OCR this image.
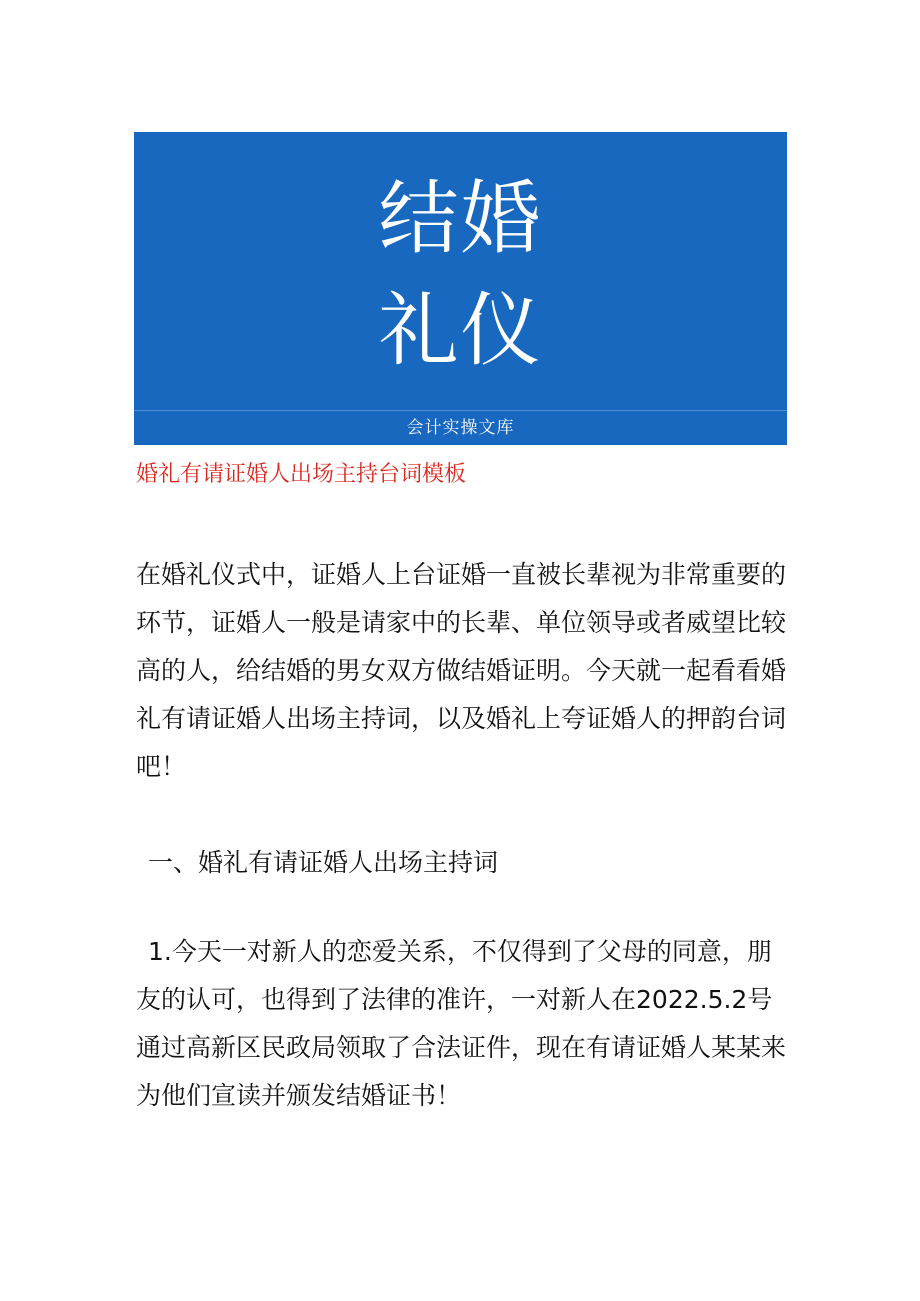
结婚
礼仪
会计实操文库
婚礼有请证婚人出场主持台词模板

在婚礼仪式中，证婚人上台证婚一直被长辈视为非常重要的环节，证婚人一般是请家中的长辈、单位领导或者威望比较高的人，给结婚的男女双方做结婚证明。今天就一起看看婚礼有请证婚人出场主持词，以及婚礼上夸证婚人的押韵台词吧！

一、婚礼有请证婚人出场主持词

1.今天一对新人的恋爱关系，不仅得到了父母的同意，朋友的认可，也得到了法律的准许，一对新人在2022.5.2号通过高新区民政局领取了合法证件，现在有请证婚人某某来为他们宣读并颁发结婚证书！
